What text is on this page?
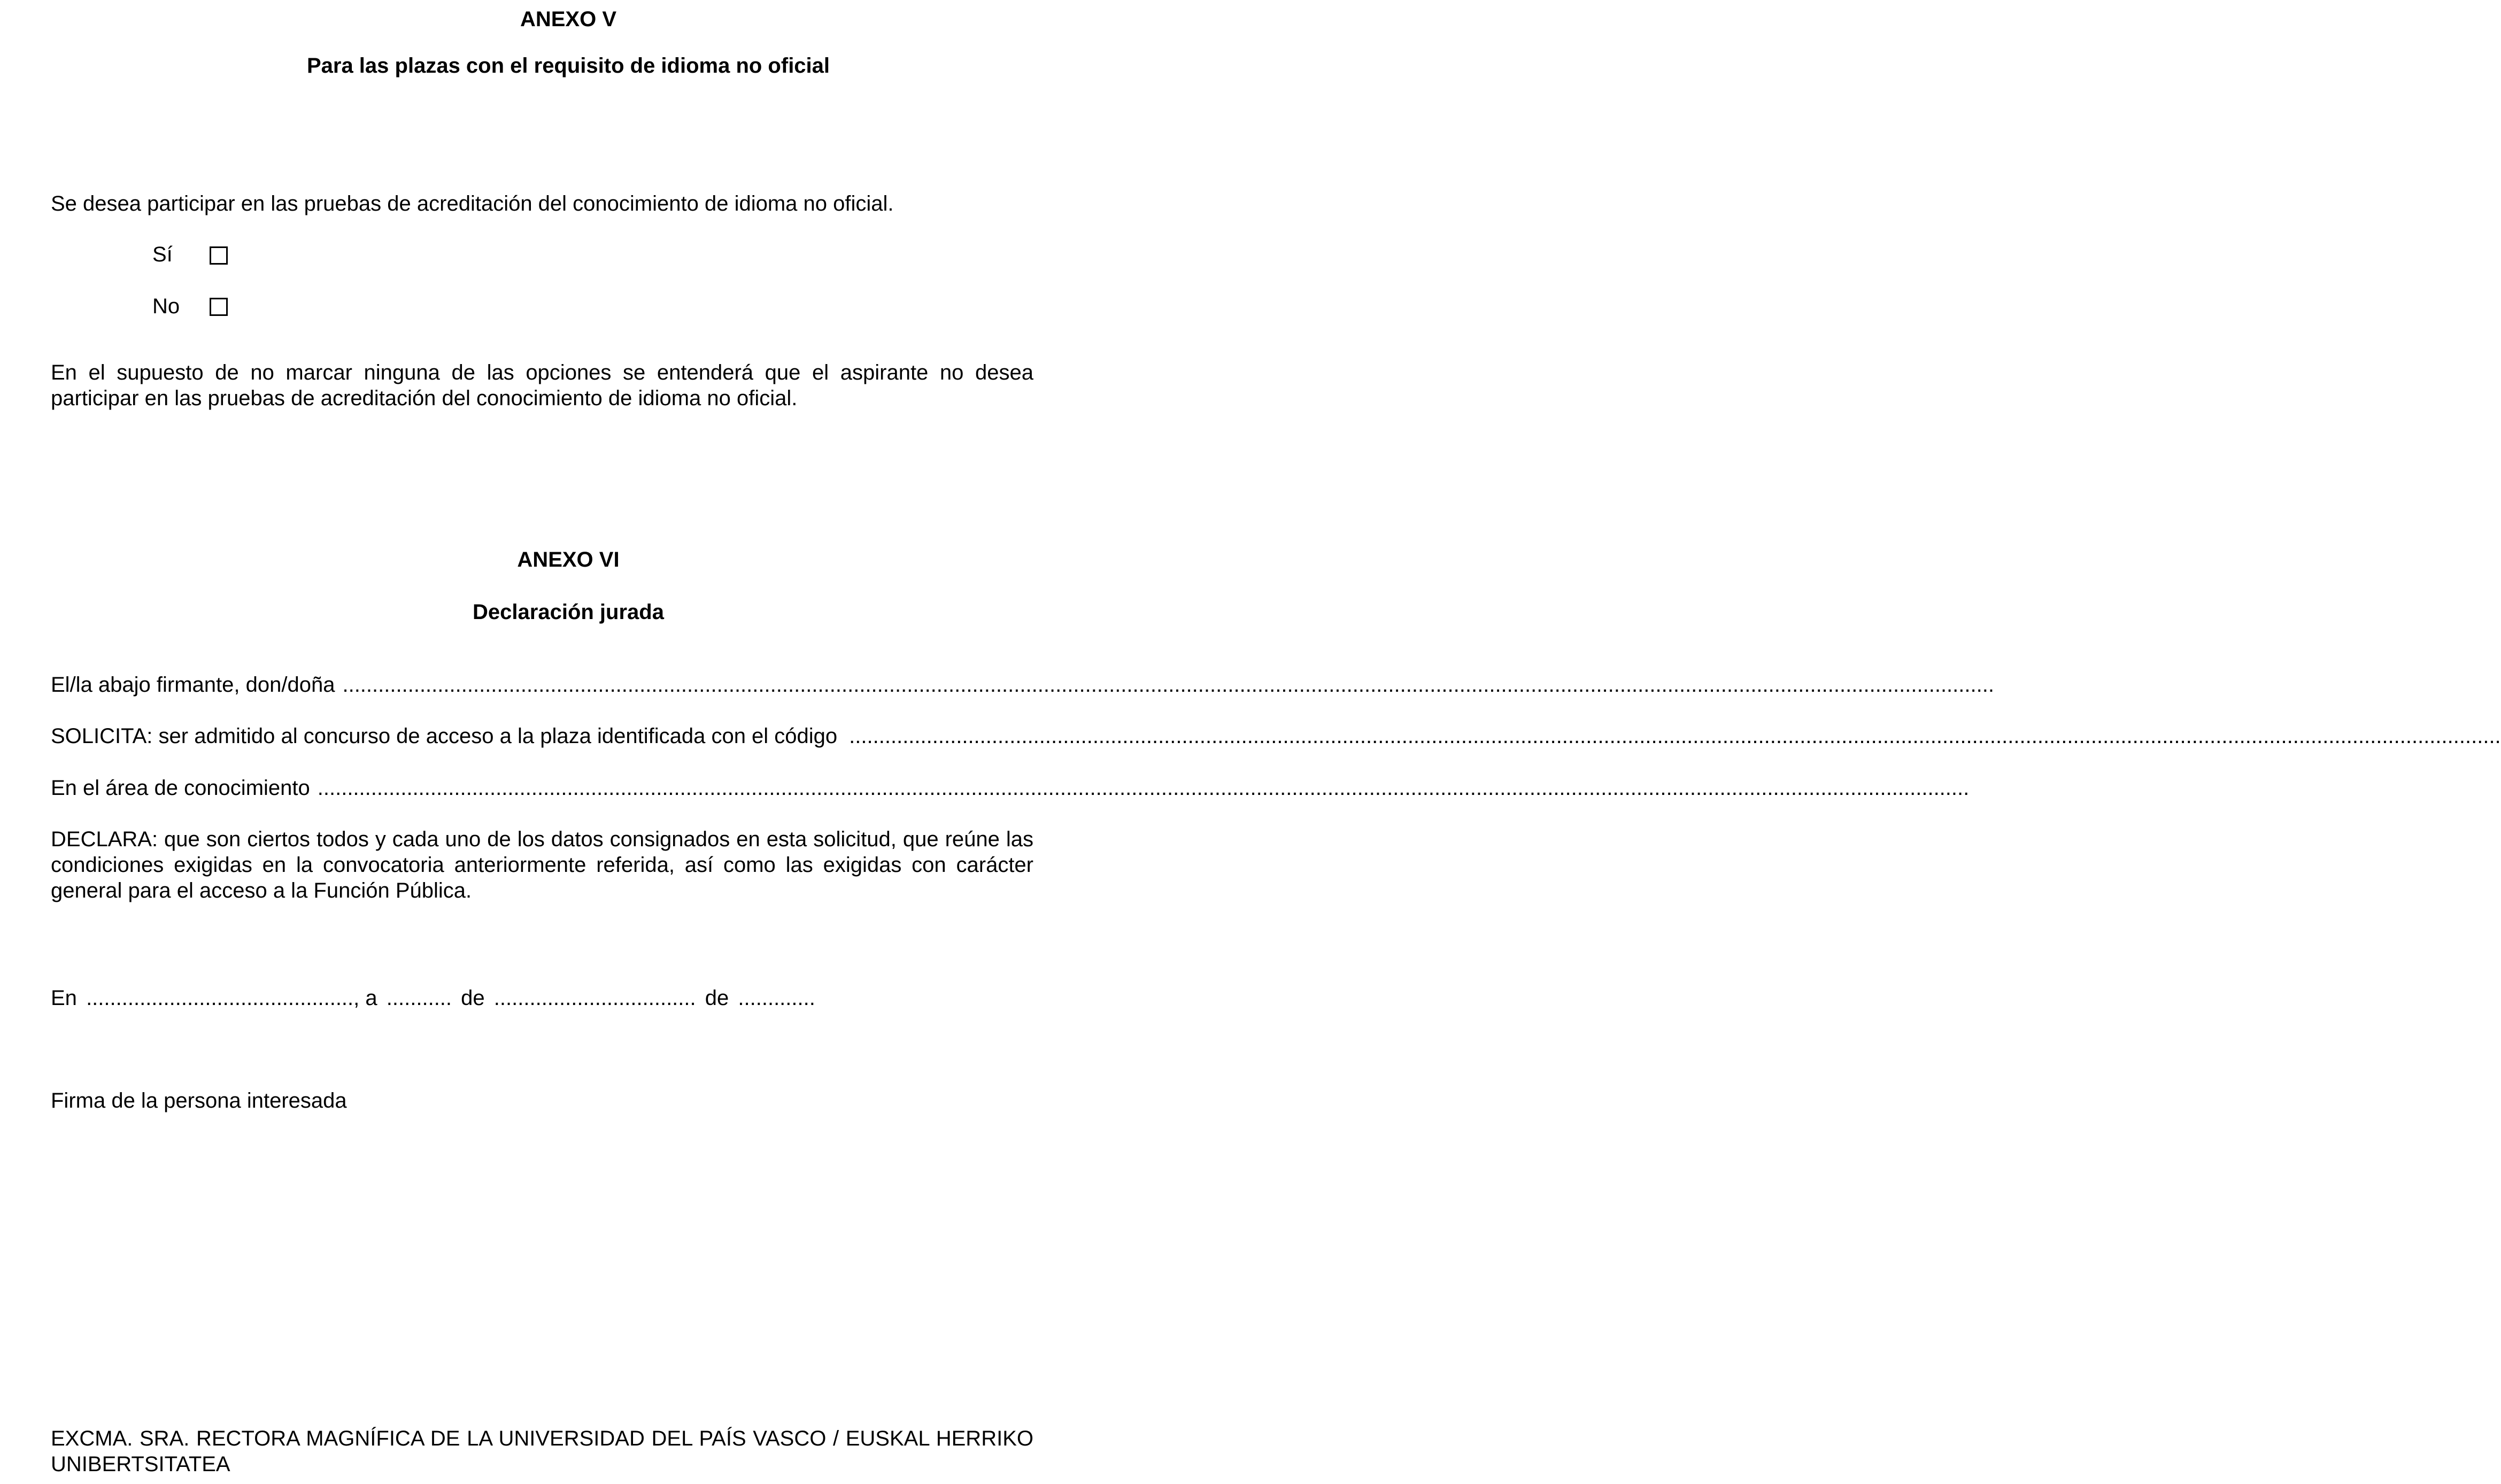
ANEXO V
Para las plazas con el requisito de idioma no oficial
Se desea participar en las pruebas de acreditación del conocimiento de idioma no oficial.
Sí
No

En el supuesto de no marcar ninguna de las opciones se entenderá que el aspirante no desea participar en las pruebas de acreditación del conocimiento de idioma no oficial.

ANEXO VI
Declaración jurada
El/la abajo firmante, don/doña ......................................................................................................................................................................................................................................................................................
SOLICITA: ser admitido al concurso de acceso a la plaza identificada con el código ......................................................................................................................................................................................................................................................................................
En el área de conocimiento ......................................................................................................................................................................................................................................................................................

DECLARA: que son ciertos todos y cada uno de los datos consignados en esta solicitud, que reúne las condiciones exigidas en la convocatoria anteriormente referida, así como las exigidas con carácter general para el acceso a la Función Pública.

En ............................................., a ........... de .................................. de .............
Firma de la persona interesada

EXCMA. SRA. RECTORA MAGNÍFICA DE LA UNIVERSIDAD DEL PAÍS VASCO / EUSKAL HERRIKO UNIBERTSITATEA
